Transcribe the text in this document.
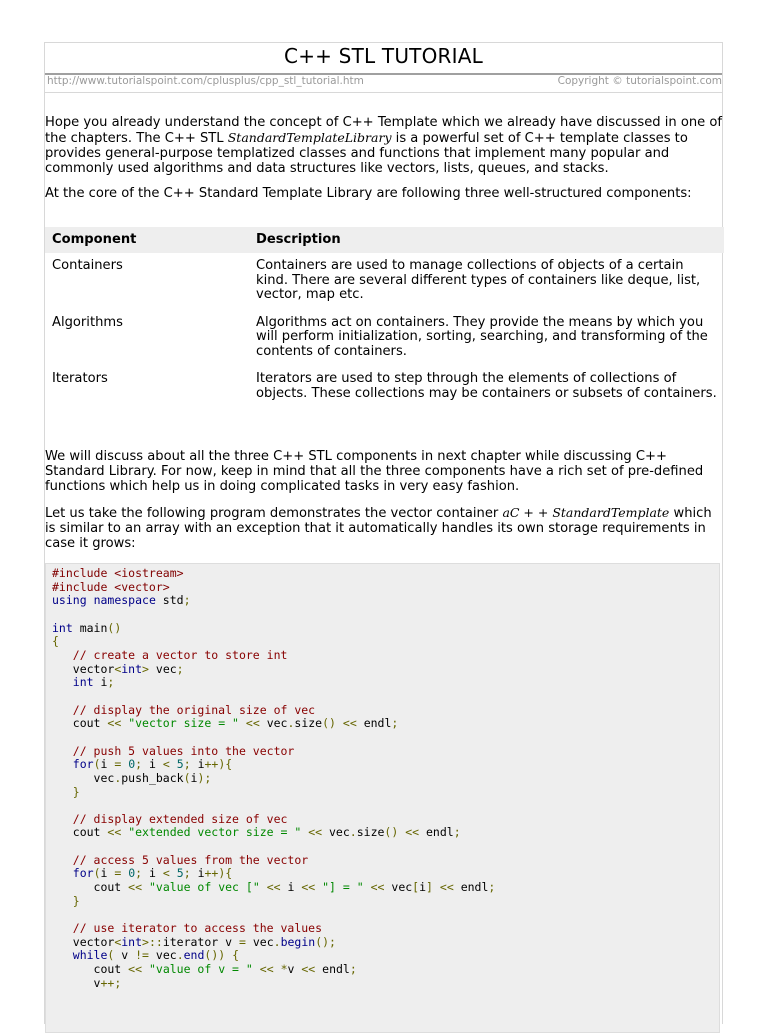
C++ STL TUTORIAL
http://www.tutorialspoint.com/cplusplus/cpp_stl_tutorial.htm	Copyright © tutorialspoint.com
Hope you already understand the concept of C++ Template which we already have discussed in one of the chapters. The C++ STL StandardTemplateLibrary is a powerful set of C++ template classes to provides general-purpose templatized classes and functions that implement many popular and commonly used algorithms and data structures like vectors, lists, queues, and stacks.
At the core of the C++ Standard Template Library are following three well-structured components:
Component	Description
Containers	Containers are used to manage collections of objects of a certain kind. There are several different types of containers like deque, list, vector, map etc.
Algorithms	Algorithms act on containers. They provide the means by which you will perform initialization, sorting, searching, and transforming of the contents of containers.
Iterators	Iterators are used to step through the elements of collections of objects. These collections may be containers or subsets of containers.
We will discuss about all the three C++ STL components in next chapter while discussing C++ Standard Library. For now, keep in mind that all the three components have a rich set of pre-defined functions which help us in doing complicated tasks in very easy fashion.
Let us take the following program demonstrates the vector container aC + + StandardTemplate which is similar to an array with an exception that it automatically handles its own storage requirements in case it grows:
#include <iostream>
#include <vector>
using namespace std;
int main()
{
// create a vector to store int
vector<int> vec;
int i;
// display the original size of vec
cout << "vector size = " << vec.size() << endl;
// push 5 values into the vector
for(i = 0; i < 5; i++){
vec.push_back(i);
}
// display extended size of vec
cout << "extended vector size = " << vec.size() << endl;
// access 5 values from the vector
for(i = 0; i < 5; i++){
cout << "value of vec [" << i << "] = " << vec[i] << endl;
}
// use iterator to access the values
vector<int>::iterator v = vec.begin();
while( v != vec.end()) {
cout << "value of v = " << *v << endl;
v++;
